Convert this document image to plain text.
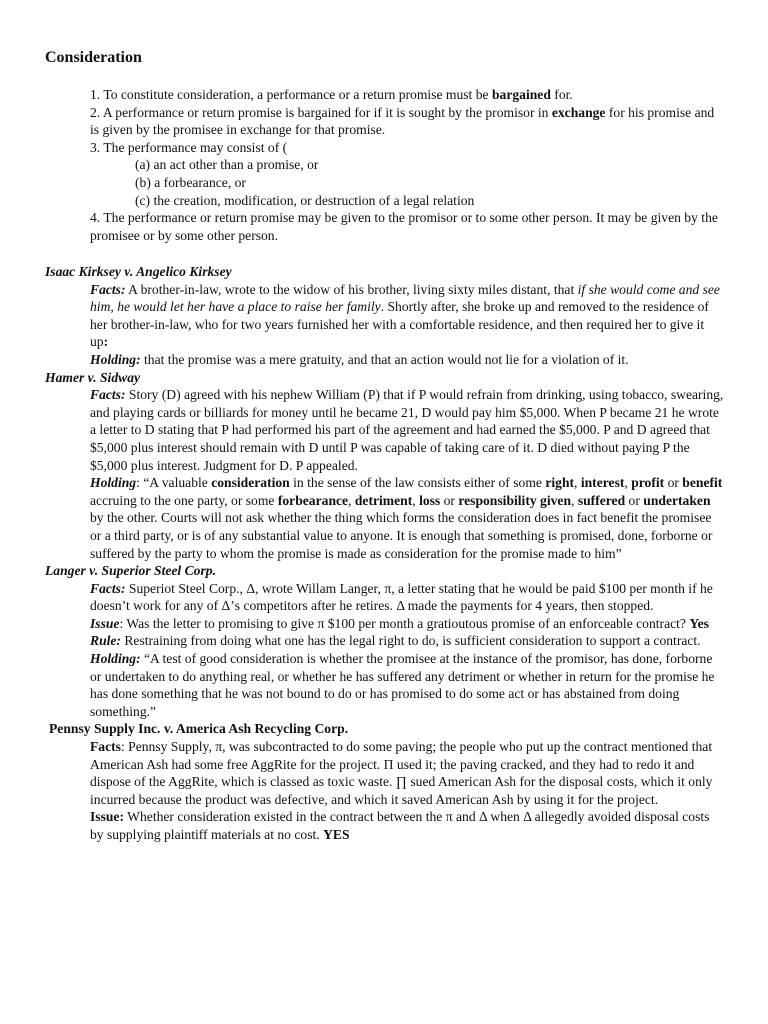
Consideration

1. To constitute consideration, a performance or a return promise must be bargained for.

2. A performance or return promise is bargained for if it is sought by the promisor in exchange for his promise and is given by the promisee in exchange for that promise.

3. The performance may consist of (

(a) an act other than a promise, or

(b) a forbearance, or

(c) the creation, modification, or destruction of a legal relation

4. The performance or return promise may be given to the promisor or to some other person. It may be given by the promisee or by some other person.

Isaac Kirksey v. Angelico Kirksey

Facts: A brother-in-law, wrote to the widow of his brother, living sixty miles distant, that if she would come and see him, he would let her have a place to raise her family. Shortly after, she broke up and removed to the residence of her brother-in-law, who for two years furnished her with a comfortable residence, and then required her to give it up:

Holding: that the promise was a mere gratuity, and that an action would not lie for a violation of it.

Hamer v. Sidway

Facts: Story (D) agreed with his nephew William (P) that if P would refrain from drinking, using tobacco, swearing, and playing cards or billiards for money until he became 21, D would pay him $5,000. When P became 21 he wrote a letter to D stating that P had performed his part of the agreement and had earned the $5,000. P and D agreed that $5,000 plus interest should remain with D until P was capable of taking care of it. D died without paying P the $5,000 plus interest. Judgment for D. P appealed.

Holding: “A valuable consideration in the sense of the law consists either of some right, interest, profit or benefit accruing to the one party, or some forbearance, detriment, loss or responsibility given, suffered or undertaken by the other. Courts will not ask whether the thing which forms the consideration does in fact benefit the promisee or a third party, or is of any substantial value to anyone. It is enough that something is promised, done, forborne or suffered by the party to whom the promise is made as consideration for the promise made to him”

Langer v. Superior Steel Corp.

Facts: Superiot Steel Corp., Δ, wrote Willam Langer, π, a letter stating that he would be paid $100 per month if he doesn’t work for any of Δ’s competitors after he retires. Δ made the payments for 4 years, then stopped.

Issue: Was the letter to promising to give π $100 per month a gratioutous promise of an enforceable contract? Yes

Rule: Restraining from doing what one has the legal right to do, is sufficient consideration to support a contract.

Holding: “A test of good consideration is whether the promisee at the instance of the promisor, has done, forborne or undertaken to do anything real, or whether he has suffered any detriment or whether in return for the promise he has done something that he was not bound to do or has promised to do some act or has abstained from doing something.”

Pennsy Supply Inc. v. America Ash Recycling Corp.

Facts: Pennsy Supply, π, was subcontracted to do some paving; the people who put up the contract mentioned that American Ash had some free AggRite for the project. Π used it; the paving cracked, and they had to redo it and dispose of the AggRite, which is classed as toxic waste. ∏ sued American Ash for the disposal costs, which it only incurred because the product was defective, and which it saved American Ash by using it for the project.

Issue: Whether consideration existed in the contract between the π and Δ when Δ allegedly avoided disposal costs by supplying plaintiff materials at no cost. YES
